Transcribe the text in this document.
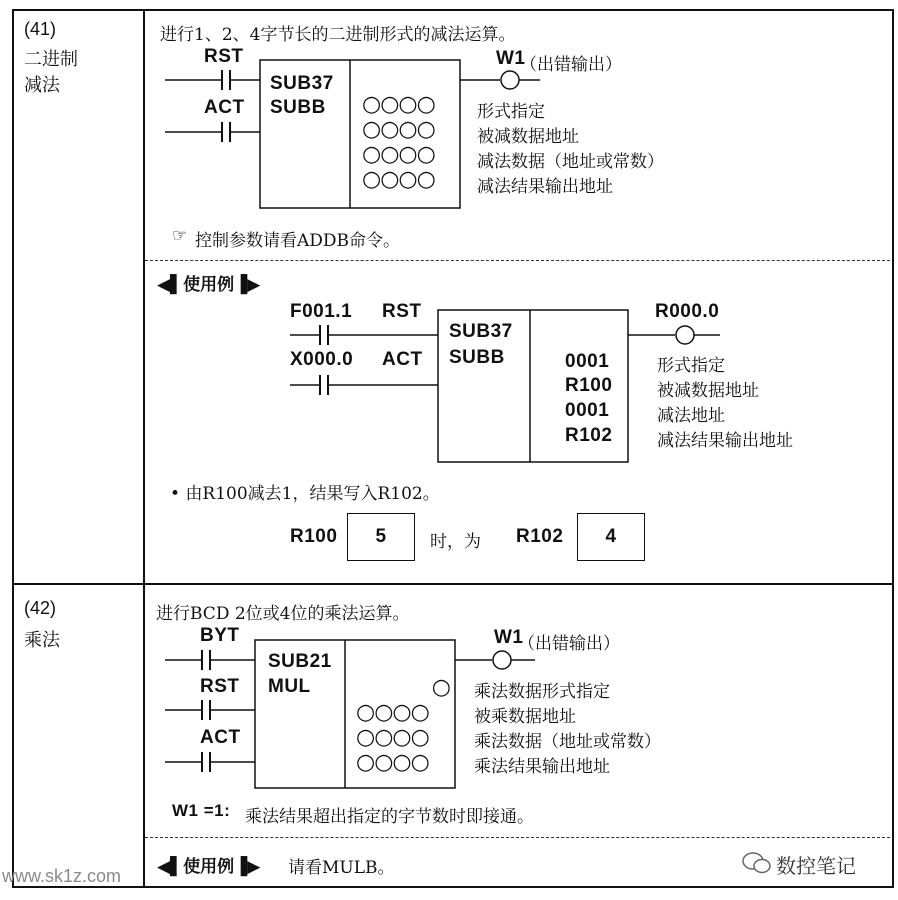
(41)
二进制
减法
进行1、2、4字节长的二进制形式的减法运算。
○○○○
○○○○
○○○○
○○○○
RST
ACT
SUB37
SUBB
W1
（出错输出）
形式指定
被减数据地址
减法数据（地址或常数）
减法结果输出地址
☞ 控制参数请看ADDB命令。
◀▌使用例▐▶
F001.1 RST
X000.0 ACT
SUB37
SUBB
R000.0
0001
R100
0001
R102
形式指定
被减数据地址
减法地址
减法结果输出地址
• 由R100减去1，结果写入R102。
R100	5	时，为 R102	4
(42)
乘法
进行BCD 2位或4位的乘法运算。
○
○○○○
○○○○
○○○○
BYT
RST
ACT
SUB21
MUL
W1
（出错输出）
乘法数据形式指定
被乘数据地址
乘法数据（地址或常数）
乘法结果输出地址
W1 =1: 乘法结果超出指定的字节数时即接通。
◀▌使用例▐▶ 请看MULB。
www.sk1z.com	数控笔记
